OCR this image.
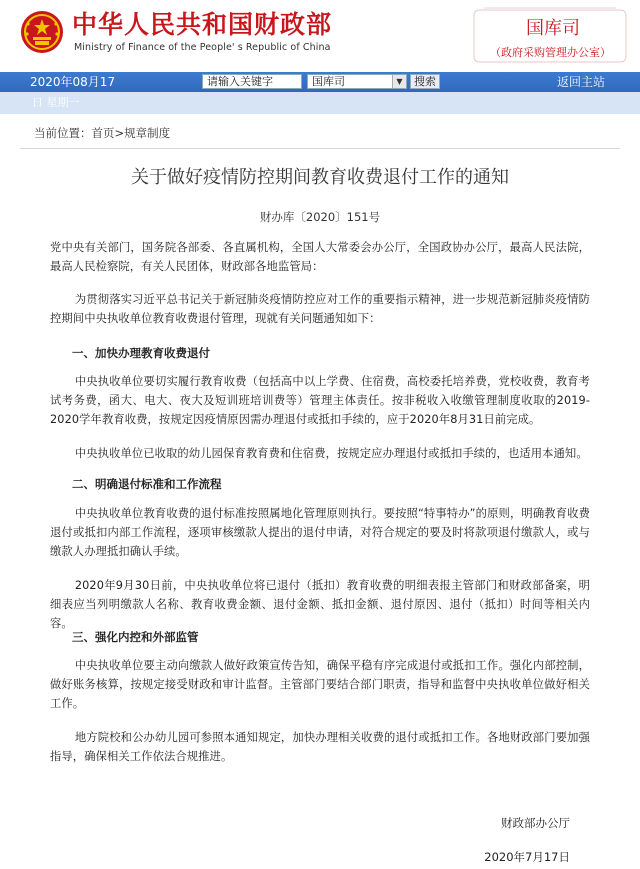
中华人民共和国财政部
Ministry of Finance of the People' s Republic of China
国库司
（政府采购管理办公室）
2020年08月17	请输入关键字	国库司	▼	搜索	返回主站
日 星期一
当前位置：首页>规章制度
关于做好疫情防控期间教育收费退付工作的通知
财办库〔2020〕151号
党中央有关部门，国务院各部委、各直属机构，全国人大常委会办公厅，全国政协办公厅，最高人民法院，最高人民检察院，有关人民团体，财政部各地监管局：
为贯彻落实习近平总书记关于新冠肺炎疫情防控应对工作的重要指示精神，进一步规范新冠肺炎疫情防控期间中央执收单位教育收费退付管理，现就有关问题通知如下：
一、加快办理教育收费退付
中央执收单位要切实履行教育收费（包括高中以上学费、住宿费，高校委托培养费，党校收费，教育考试考务费，函大、电大、夜大及短训班培训费等）管理主体责任。按非税收入收缴管理制度收取的2019-2020学年教育收费，按规定因疫情原因需办理退付或抵扣手续的，应于2020年8月31日前完成。
中央执收单位已收取的幼儿园保育教育费和住宿费，按规定应办理退付或抵扣手续的，也适用本通知。
二、明确退付标准和工作流程
中央执收单位教育收费的退付标准按照属地化管理原则执行。要按照“特事特办”的原则，明确教育收费退付或抵扣内部工作流程，逐项审核缴款人提出的退付申请，对符合规定的要及时将款项退付缴款人，或与缴款人办理抵扣确认手续。
2020年9月30日前，中央执收单位将已退付（抵扣）教育收费的明细表报主管部门和财政部备案，明细表应当列明缴款人名称、教育收费金额、退付金额、抵扣金额、退付原因、退付（抵扣）时间等相关内容。
三、强化内控和外部监管
中央执收单位要主动向缴款人做好政策宣传告知，确保平稳有序完成退付或抵扣工作。强化内部控制，做好账务核算，按规定接受财政和审计监督。主管部门要结合部门职责，指导和监督中央执收单位做好相关工作。
地方院校和公办幼儿园可参照本通知规定，加快办理相关收费的退付或抵扣工作。各地财政部门要加强指导，确保相关工作依法合规推进。
财政部办公厅
2020年7月17日
